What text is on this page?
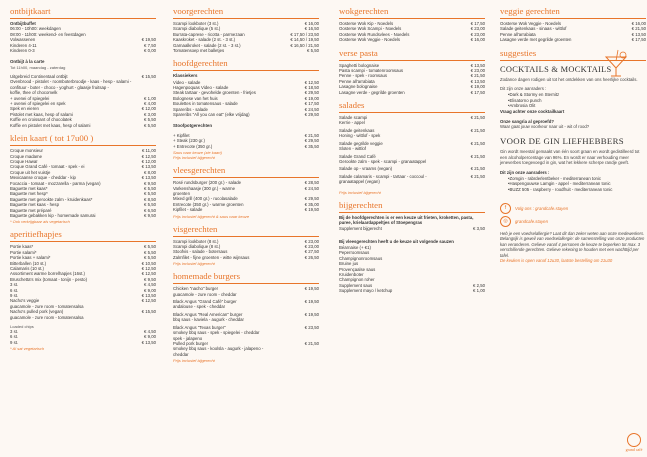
ontbijtkaart
Ontbijtbuffet
06:00 - 10h00: weekdagen
08:00 - 11h00: weekend- en feestdagen
Volwassenen	€ 19,50
Kinderen 4-11	€ 7,50
Kinderen 0-3	€ 0,00
Ontbijt à la carte
Tot 11h00, maandag - zaterdag
Uitgebreid Continentaal ontbijt	€ 15,50
Ovenbrood - pistolet - roomboterbroodje - kaas - hesp - salami -
confituur - boter - choco - yoghurt - glaasje fruitsap -
koffie, thee of chocomelk
+ ovenei of spiegelei	€ 1,00
+ ovenei of spiegelei en spek	€ 4,00
Spek en eieren	€ 12,00
Pistolet met kaas, hesp of salami	€ 3,00
Koffie en croissant of chocolatek	€ 5,50
Koffie en pistolet met kaas, hesp of salami	€ 5,50
klein kaart ( tot 17u00 )
Croque monsieur	€ 11,00
Croque madame	€ 12,50
Croque Hawaï	€ 12,00
Croque Grand Café - tomaat - spek - ei	€ 13,50
Croque uit het vuistje	€ 8,00
Mexicaanse croque - cheddar - kip	€ 13,50
Focaccia - tomaat - mozzarella - parma (vegan)	€ 9,50
Baguette met kaas*	€ 5,50
Baguette met hesp*	€ 5,50
Baguette met gerookte zalm - kruidenkaas*	€ 8,50
Baguette met kaas - hesp	€ 5,50
Baguette met préparé	€ 6,50
Baguette gebakken kip - homemade samurai	€ 9,50
* Ook verkrijgbaar als vegetarisch
aperitiefhapjes
Portie kaas*	€ 5,50
Portie salami*	€ 5,50
Portie kaas + salami*	€ 5,50
Bitterballen (10 st.)	€ 10,50
Calamaris (10 st.)	€ 12,50
Assortiment warme borrelhapjes (16st.)	€ 12,50
Bruschetta's mix (tomaat - tonijn - pesto)	€ 9,50
3 st.	€ 4,50
6 st.	€ 9,00
9 st.	€ 13,50
Nacho's veggie	€ 12,50
guacamole - zure room - tomatensalsa
Nacho's pulled pork (vegan)	€ 15,50
guacamole - zure room - tomatensalsa
Loaded chips
3 st.	€ 4,50
6 st.	€ 9,00
9 st.	€ 13,50
* Al sat vegetarisch
voorgerechten
Scampi lookboter (3 st.)	€ 16,00
Scampi diabolique (5 st.)	€ 16,50
Burrata-caprese - ricotta - parmezaan	€ 17,50 / 23,50
Kaaskroket - salade (2 st. - 3 st.)	€ 14,50 / 19,50
Garnaalkroket - salade (2 st. - 3 st.)	€ 16,50 / 21,50
Tomatensoep met balletjes	€ 5,50
hoofdgerechten
Klassiekers
Video - salade	€ 12,50
Hagenpoquas Video - salade	€ 18,50
Steak tartaar - gevohelde groenten - frietjes	€ 29,50
Bolognese van het huis	€ 19,00
Boulettes in tomatensaus - salade	€ 17,50
Spareribs - salade	€ 24,50
Spareribs "All you can eat" (elke vrijdag)	€ 29,50
Stoofpotgerechten
+ Kipfilet	€ 21,50
+ Steak (230 gr.)	€ 29,50
+ Entrecote (350 gr.)	€ 35,50
Saus naar keuze (zie kaart)
Prijs inclusief bijgerecht
vleesgerechten
Rosé rundsburger (200 gr.) - salade	€ 28,50
Varkenshaasje (300 gr.) - warme	€ 24,50
groenten
Mixed grill (400 gr.) - rucolasalade	€ 29,50
Entrecote (350 gr.) - warme groenten	€ 35,00
Kipfilet - salade	€ 19,50
Prijs inclusief bijgerecht & saus naar keuze
visgerechten
Scampi lookboter (8 st.)	€ 23,00
Scampi diabolique (8 st.)	€ 23,00
Stoofvis - salade - botersaus	€ 27,50
Zalmfilet - fijne groenten - witte wijnsaus	€ 26,50
Prijs inclusief bijgerecht
homemade burgers
Chicken "nacho" burger	€ 19,50
guacamole - zure room - cheddar
Black Angus "Grand Café" burger	€ 19,50
andalouse - spek - cheddar
Black Angus "Real American" burger	€ 19,50
bbq saus - kaviela - augurk - cheddar
Black Angus "Texas burger"	€ 23,50
smokey bbq saus - spek - spiegelei - cheddar
spek - jalapeno
Pulled pork burger	€ 21,50
smokey bbq saus - koolsla - augurk - jalapeno -
cheddar
Prijs inclusief bijgerecht
wokgerechten
Oosterse Wok Kip - Noedels	€ 17,50
Oosterse Wok Scampi - Noedels	€ 23,00
Oosterse Wok Rundsvlees - Noedels	€ 23,00
Oosterse Wok Veggie - Noedels	€ 16,00
verse pasta
Spaghetti bolognaise	€ 13,50
Pasta scampi - tomatenroomsaus	€ 23,00
Penne - spek - roomsaus	€ 21,50
Penne all'arrabiata	€ 13,50
Lasagne bolognaise	€ 19,00
Lasagne verde - gegrilde groenten	€ 17,50
salades
Salade scampi	€ 21,50
Kerrie - appel
Salade geitenkaas	€ 21,50
Honing - wittlof - spek
Salade gegrilde veggie	€ 21,50
Sloten - wittlof
Salade Grand Café	€ 21,50
Gerookte zalm - spek - scampi - granaatappel
Salade op - vraams (vegan)	€ 21,50
Salade calamaris - scampi - tartaar - coccoul -	€ 21,50
granaatappel (vegan)
Prijs inclusief bijgerecht
bijgerechten
Bij de hoofdgerechten is er een keuze uit frieten, kroketten, pasta, puree, krielaardappeltjes of Stoepengras
Supplement bijgerecht	€ 3,50
Bij vleesgerechten heeft u de keuze uit volgende sauzen
Béarnaise (+ €1)
Peperroomsaus
Champignonroomsaus
Bruine jus
Provençaalse saus
Kruidenboter
Champignon roher
Supplement saus	€ 2,50
Supplement mayo / ketchup	€ 1,00
veggie gerechten
Oosterse Wok Veggie - Noedels	€ 16,00
Salade geitenkaas - sinaas - wittlof	€ 21,50
Penne all'arrabiata	€ 13,50
Lasagne verde met gegrilde groenten	€ 17,50
suggesties
COCKTAILS & MOCKTAILS
Zodance dagen rodigen uit tot het ontdekken van ons heerlijke cocktails.
Dit zijn onze aanraders :
• Dark & Stormy en Sternitz
• Elisatorno punch
• Ambrosia Olit
Vraag achter onze cocktailkaart
Onze sangria al geproefd?
Waar gaat jouw voorkeur naar uit - wit of rood?
VOOR DE GIN LIEFHEBBERS
Gin wordt meestal gemaakt van één soort graan en wordt gedistilleerd tot een alcoholpercentage van 96%. En wordt er naar verhouding meer jeneverbes toegevoegd in gin, wat het lekkere scherpe randje geeft.
Dit zijn onze aanraders :
• Zomgin - rabrderlentbeker - mediterranean tonic
• Haspengouwse Lamgin - appel - mediterranean tonic
• BUZZ 505 - raspberry - roodfruit - mediterranean tonic
f	Volg ons : grandcafe.stayen
◎	grandcafe.stayen
Heb je een voedselallergie? Laat dit dan zeker weten aan onze medewerkers.
Belangrijk is geweil van voedselallergie: de samenstelling van onze producten kan veranderen. Gelieve vanaf 4 personen de keuze te beperken tot max. 3 verschillende gerechten. Gelieve rekening te houden met een wachttijd per tafel.
De keuken is open vanaf 12u30, laatste bestelling om 21u30
grand café
